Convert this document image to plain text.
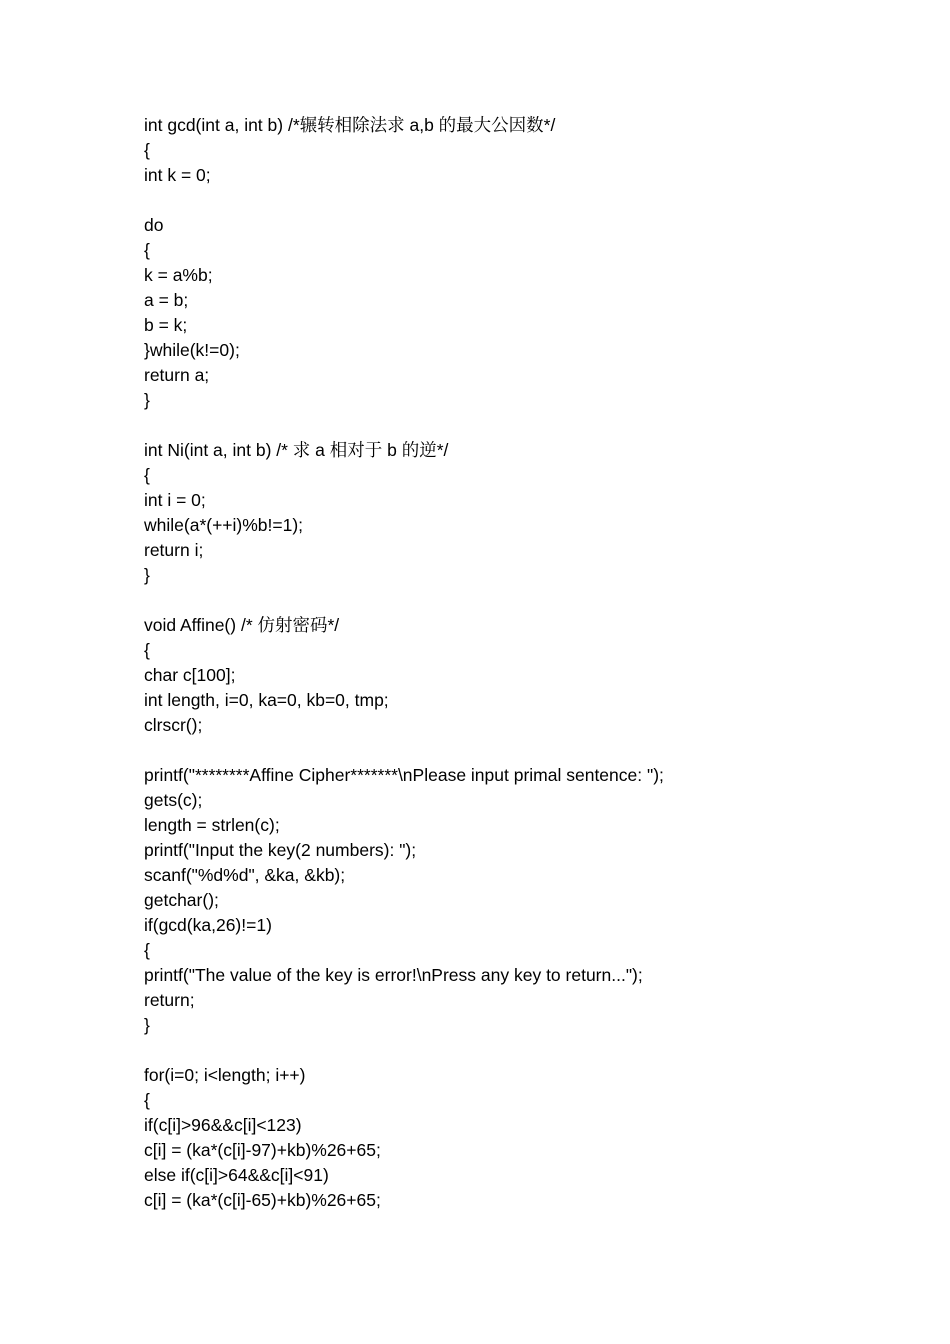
int gcd(int a, int b) /*辗转相除法求 a,b 的最大公因数*/
{
int k = 0;
do
{
k = a%b;
a = b;
b = k;
}while(k!=0);
return a;
}
int Ni(int a, int b) /* 求 a 相对于 b 的逆*/
{
int i = 0;
while(a*(++i)%b!=1);
return i;
}
void Affine() /* 仿射密码*/
{
char c[100];
int length, i=0, ka=0, kb=0, tmp;
clrscr();
printf("********Affine Cipher*******\nPlease input primal sentence: ");
gets(c);
length = strlen(c);
printf("Input the key(2 numbers): ");
scanf("%d%d", &ka, &kb);
getchar();
if(gcd(ka,26)!=1)
{
printf("The value of the key is error!\nPress any key to return...");
return;
}
for(i=0; i<length; i++)
{
if(c[i]>96&&c[i]<123)
c[i] = (ka*(c[i]-97)+kb)%26+65;
else if(c[i]>64&&c[i]<91)
c[i] = (ka*(c[i]-65)+kb)%26+65;
